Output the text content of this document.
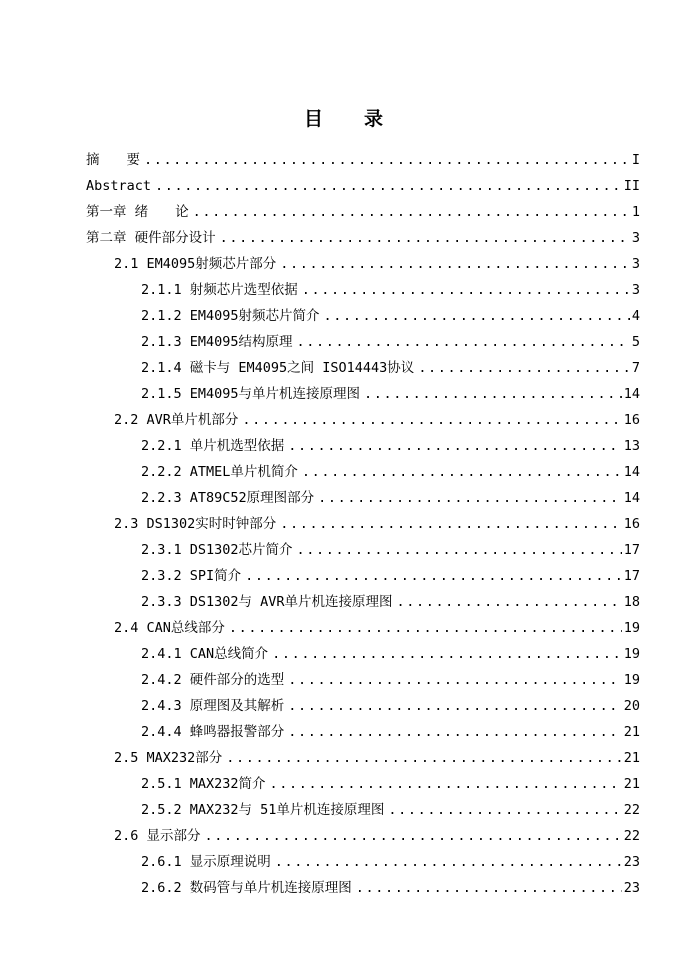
目 录
摘　　要 .....	I
Abstract .....	II
第一章 绪　　论 .....	1
第二章 硬件部分设计 .....	3
2.1 EM4095射频芯片部分 .....	3
2.1.1 射频芯片选型依据 .....	3
2.1.2 EM4095射频芯片简介 .....	4
2.1.3 EM4095结构原理 .....	5
2.1.4 磁卡与 EM4095之间 ISO14443协议 .....	7
2.1.5 EM4095与单片机连接原理图 .....	14
2.2 AVR单片机部分 .....	16
2.2.1 单片机选型依据 .....	13
2.2.2 ATMEL单片机简介 .....	14
2.2.3 AT89C52原理图部分 .....	14
2.3 DS1302实时时钟部分 .....	16
2.3.1 DS1302芯片简介 .....	17
2.3.2 SPI简介 .....	17
2.3.3 DS1302与 AVR单片机连接原理图 .....	18
2.4 CAN总线部分 .....	19
2.4.1 CAN总线简介 .....	19
2.4.2 硬件部分的选型 .....	19
2.4.3 原理图及其解析 .....	20
2.4.4 蜂鸣器报警部分 .....	21
2.5 MAX232部分 .....	21
2.5.1 MAX232简介 .....	21
2.5.2 MAX232与 51单片机连接原理图 .....	22
2.6 显示部分 .....	22
2.6.1 显示原理说明 .....	23
2.6.2 数码管与单片机连接原理图 .....	23
